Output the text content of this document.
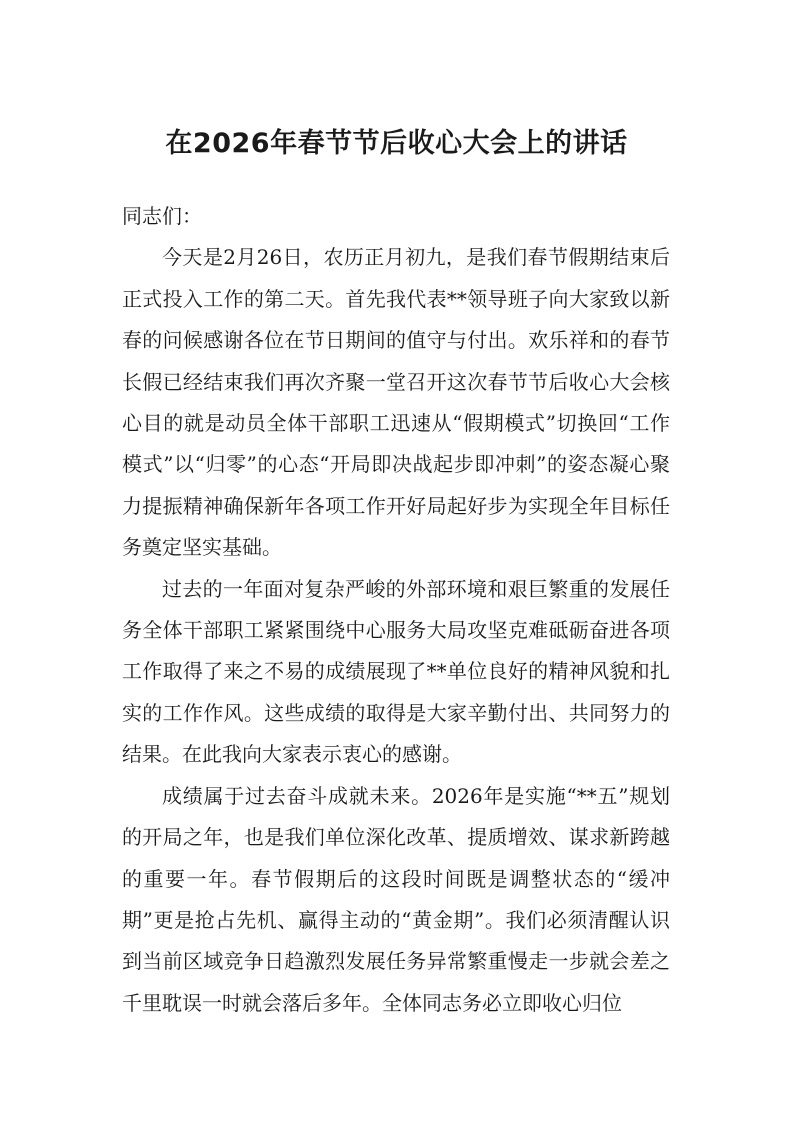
在2026年春节节后收心大会上的讲话

同志们：

今天是2月26日，农历正月初九，是我们春节假期结束后正式投入工作的第二天。首先我代表**领导班子向大家致以新春的问候感谢各位在节日期间的值守与付出。欢乐祥和的春节长假已经结束我们再次齐聚一堂召开这次春节节后收心大会核心目的就是动员全体干部职工迅速从“假期模式”切换回“工作模式”以“归零”的心态“开局即决战起步即冲刺”的姿态凝心聚力提振精神确保新年各项工作开好局起好步为实现全年目标任务奠定坚实基础。

过去的一年面对复杂严峻的外部环境和艰巨繁重的发展任务全体干部职工紧紧围绕中心服务大局攻坚克难砥砺奋进各项工作取得了来之不易的成绩展现了**单位良好的精神风貌和扎实的工作作风。这些成绩的取得是大家辛勤付出、共同努力的结果。在此我向大家表示衷心的感谢。

成绩属于过去奋斗成就未来。2026年是实施“**五”规划的开局之年，也是我们单位深化改革、提质增效、谋求新跨越的重要一年。春节假期后的这段时间既是调整状态的“缓冲期”更是抢占先机、赢得主动的“黄金期”。我们必须清醒认识到当前区域竞争日趋激烈发展任务异常繁重慢走一步就会差之千里耽误一时就会落后多年。全体同志务必立即收心归位
